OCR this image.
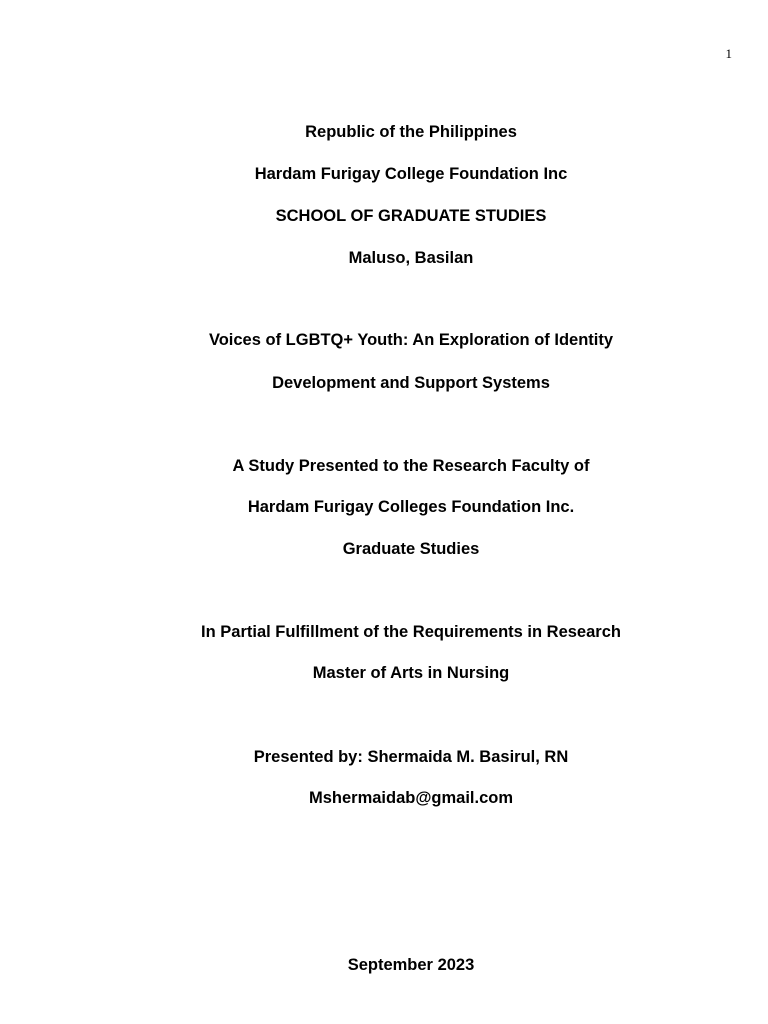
1
Republic of the Philippines
Hardam Furigay College Foundation Inc
SCHOOL OF GRADUATE STUDIES
Maluso, Basilan
Voices of LGBTQ+ Youth: An Exploration of Identity
Development and Support Systems
A Study Presented to the Research Faculty of
Hardam Furigay Colleges Foundation Inc.
Graduate Studies
In Partial Fulfillment of the Requirements in Research
Master of Arts in Nursing
Presented by: Shermaida M. Basirul, RN
Mshermaidab@gmail.com
September 2023
